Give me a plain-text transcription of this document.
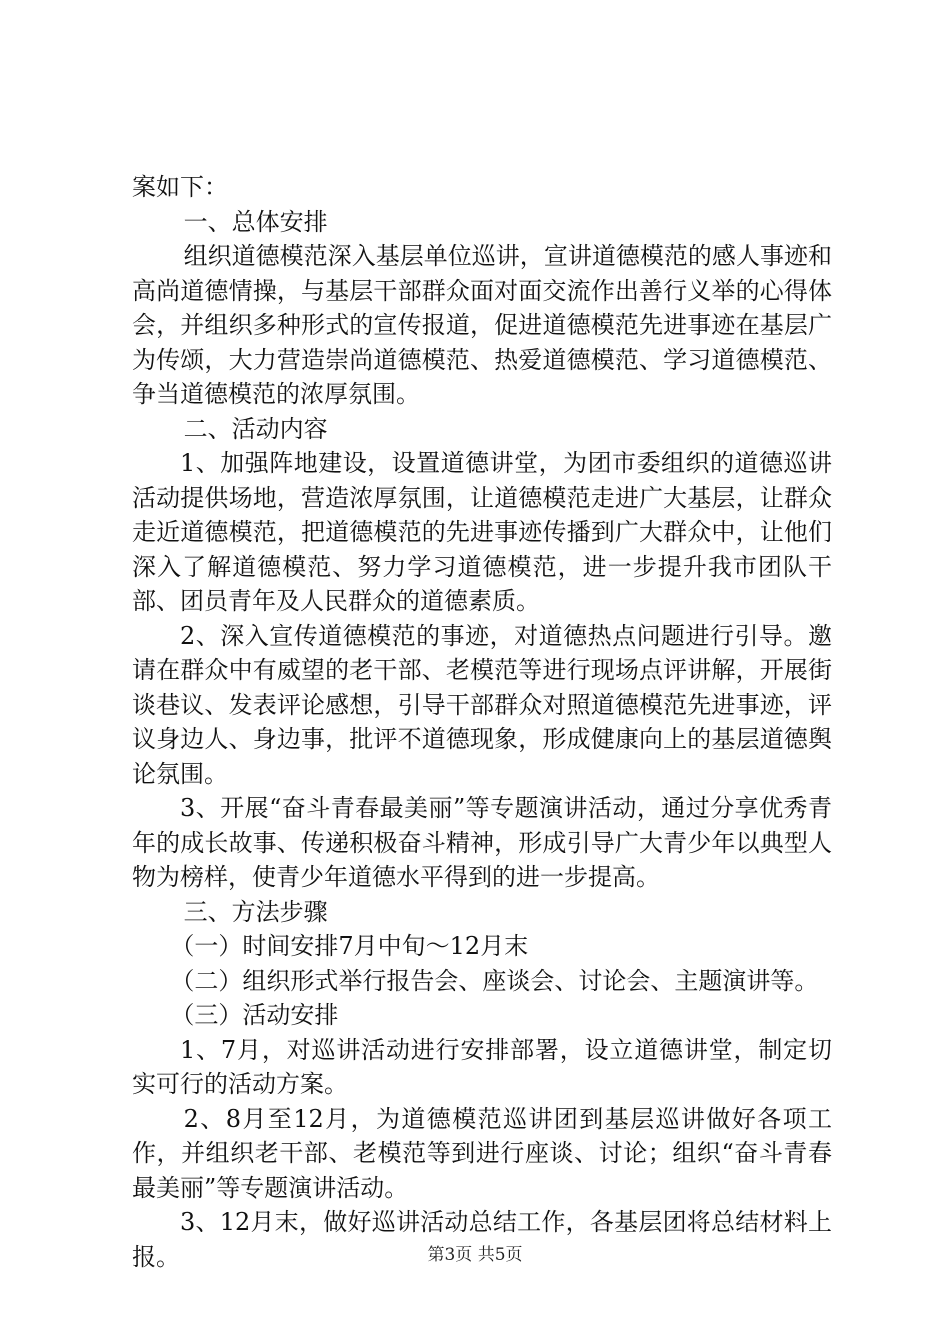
案如下：

一、总体安排

组织道德模范深入基层单位巡讲，宣讲道德模范的感人事迹和高尚道德情操，与基层干部群众面对面交流作出善行义举的心得体会，并组织多种形式的宣传报道，促进道德模范先进事迹在基层广为传颂，大力营造崇尚道德模范、热爱道德模范、学习道德模范、争当道德模范的浓厚氛围。

二、活动内容

1、加强阵地建设，设置道德讲堂，为团市委组织的道德巡讲活动提供场地，营造浓厚氛围，让道德模范走进广大基层，让群众走近道德模范，把道德模范的先进事迹传播到广大群众中，让他们深入了解道德模范、努力学习道德模范，进一步提升我市团队干部、团员青年及人民群众的道德素质。

2、深入宣传道德模范的事迹，对道德热点问题进行引导。邀请在群众中有威望的老干部、老模范等进行现场点评讲解，开展街谈巷议、发表评论感想，引导干部群众对照道德模范先进事迹，评议身边人、身边事，批评不道德现象，形成健康向上的基层道德舆论氛围。

3、开展“奋斗青春最美丽”等专题演讲活动，通过分享优秀青年的成长故事、传递积极奋斗精神，形成引导广大青少年以典型人物为榜样，使青少年道德水平得到的进一步提高。

三、方法步骤

（一）时间安排7月中旬～12月末

（二）组织形式举行报告会、座谈会、讨论会、主题演讲等。

（三）活动安排

1、7月，对巡讲活动进行安排部署，设立道德讲堂，制定切实可行的活动方案。

2、8月至12月，为道德模范巡讲团到基层巡讲做好各项工作，并组织老干部、老模范等到进行座谈、讨论；组织“奋斗青春最美丽”等专题演讲活动。

3、12月末，做好巡讲活动总结工作，各基层团将总结材料上报。	第3页 共5页
